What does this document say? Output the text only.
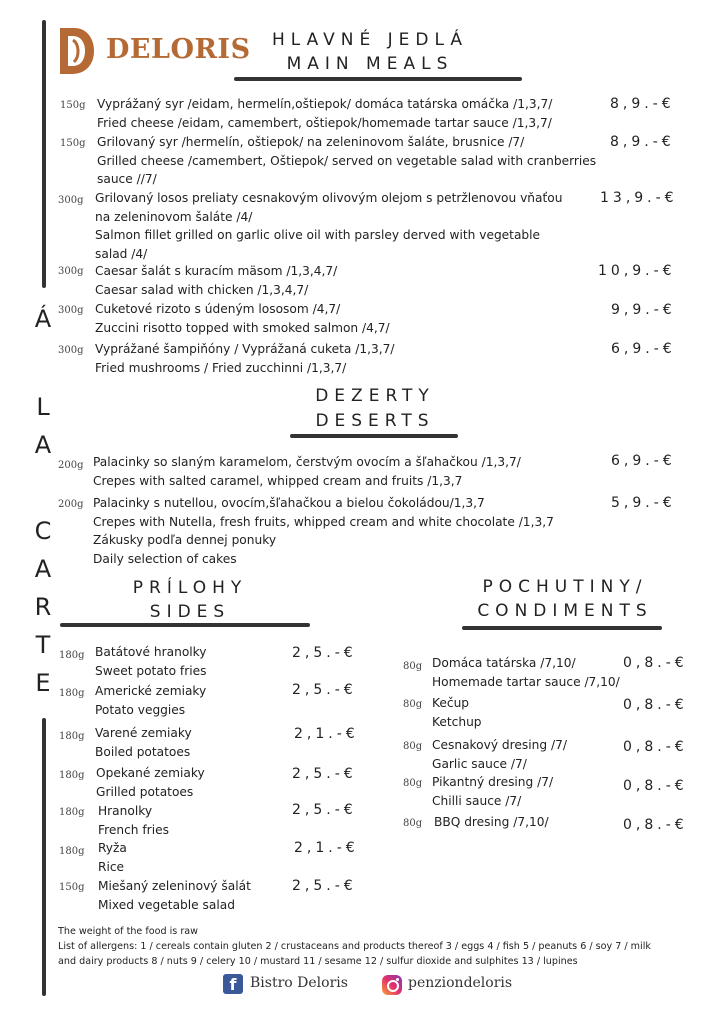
DELORIS	HLAVNÉ JEDLÁ
MAIN MEALS
150g Vyprážaný syr /eidam, hermelín,oštiepok/ domáca tatárska omáčka /1,3,7/
Fried cheese /eidam, camembert, oštiepok/homemade tartar sauce /1,3,7/
8,9.-€
150g Grilovaný syr /hermelín, oštiepok/ na zeleninovom šaláte, brusnice /7/
Grilled cheese /camembert, Oštiepok/ served on vegetable salad with cranberries
sauce //7/
8,9.-€
300g Grilovaný losos preliaty cesnakovým olivovým olejom s petržlenovou vňaťou
na zeleninovom šaláte /4/
Salmon fillet grilled on garlic olive oil with parsley derved with vegetable
salad /4/
13,9.-€
300g Caesar šalát s kuracím mäsom /1,3,4,7/
Caesar salad with chicken /1,3,4,7/
10,9.-€
300g Cuketové rizoto s údeným lososom /4,7/
Zuccini risotto topped with smoked salmon /4,7/
9,9.-€
300g Vyprážané šampiňóny / Vyprážaná cuketa /1,3,7/
Fried mushrooms / Fried zucchinni /1,3,7/
6,9.-€
Á
L
A
C
A
R
T
E
DEZERTY
DESERTS
200g Palacinky so slaným karamelom, čerstvým ovocím a šľahačkou /1,3,7/
Crepes with salted caramel, whipped cream and fruits /1,3,7
6,9.-€
200g Palacinky s nutellou, ovocím,šľahačkou a bielou čokoládou/1,3,7
Crepes with Nutella, fresh fruits, whipped cream and white chocolate /1,3,7
Zákusky podľa dennej ponuky
Daily selection of cakes
5,9.-€
PRÍLOHY
SIDES
180g Batátové hranolky
Sweet potato fries
2,5.-€
180g Americké zemiaky
Potato veggies
2,5.-€
180g Varené zemiaky
Boiled potatoes
2,1.-€
180g Opekané zemiaky
Grilled potatoes
2,5.-€
180g Hranolky
French fries
2,5.-€
180g Ryža
Rice
2,1.-€
150g Miešaný zeleninový šalát
Mixed vegetable salad
2,5.-€
POCHUTINY/
CONDIMENTS
80g Domáca tatárska /7,10/
Homemade tartar sauce /7,10/
0,8.-€
80g Kečup
Ketchup
0,8.-€
80g Cesnakový dresing /7/
Garlic sauce /7/
0,8.-€
80g Pikantný dresing /7/
Chilli sauce /7/
0,8.-€
80g BBQ dresing /7,10/	0,8.-€
The weight of the food is raw
List of allergens: 1 / cereals contain gluten 2 / crustaceans and products thereof 3 / eggs 4 / fish 5 / peanuts 6 / soy 7 / milk
and dairy products 8 / nuts 9 / celery 10 / mustard 11 / sesame 12 / sulfur dioxide and sulphites 13 / lupines
f Bistro Deloris	penziondeloris
